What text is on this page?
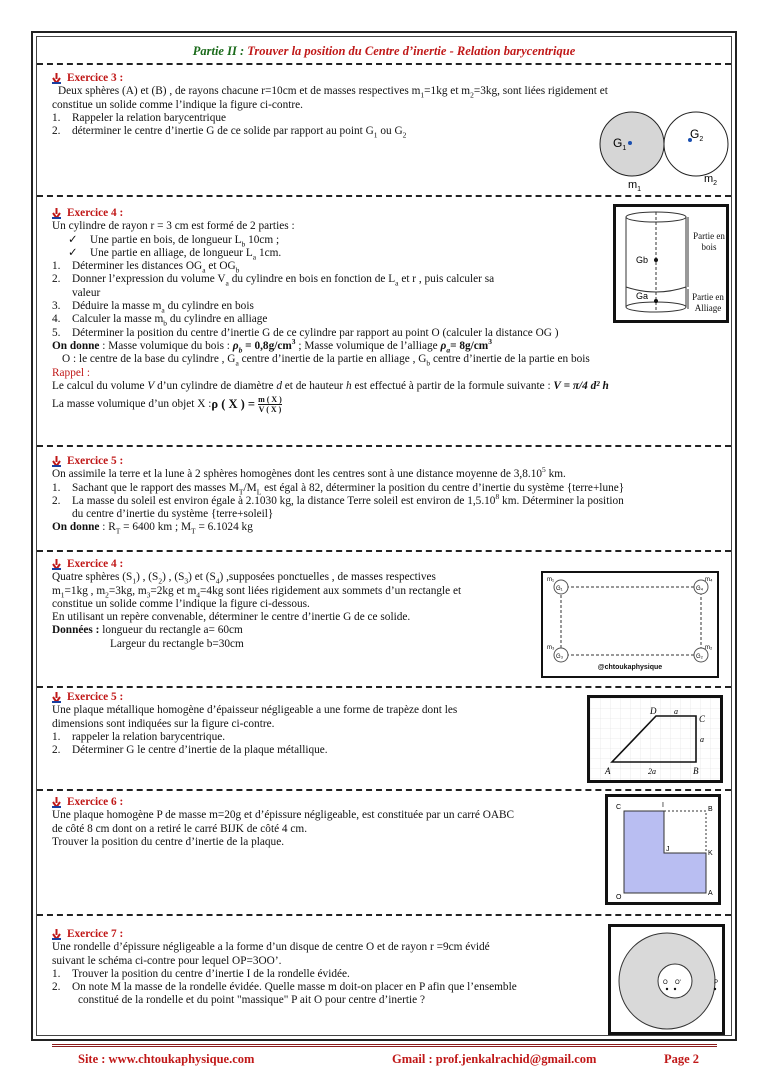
Partie II : Trouver la position du Centre d’inertie - Relation barycentrique
Exercice 3 :

Deux sphères (A) et (B) , de rayons chacune r=10cm et de masses respectives $m_1=1kg$ et $m_2=3kg$, sont liées rigidement et

constitue un solide comme l’indique la figure ci-contre.

1.	Rappeler la relation barycentrique
2.	déterminer le centre d’inertie G de ce solide par rapport au point $G_1$ ou $G_2$
$G_1$
$G_2$
$m_1$
$m_2$
Exercice 4 :

Un cylindre de rayon r = 3 cm est formé de 2 parties :

✓	Une partie en bois, de longueur $L_b$ 10cm ;
✓	Une partie en alliage, de longueur $L_a$ 1cm.
1.	Déterminer les distances $OG_a$ et $OG_b$
2.	Donner l’expression du volume $V_a$ du cylindre en bois en fonction de $L_a$ et r , puis calculer sa
valeur
3.	Déduire la masse $m_a$ du cylindre en bois
4.	Calculer la masse $m_b$ du cylindre en alliage
5.	Déterminer la position du centre d’inertie G de ce cylindre par rapport au point O (calculer la distance OG )

On donne : Masse volumique du bois : $\rho_b = 0,8g/cm^3$ ; Masse volumique de l’alliage $\rho_a= 8g/cm^3$

O : le centre de la base du cylindre , $G_a$ centre d’inertie de la partie en alliage , $G_b$ centre d’inertie de la partie en bois

Rappel :

Le calcul du volume V d’un cylindre de diamètre d et de hauteur h est effectué à partir de la formule suivante : V = π/4 d² h

La masse volumique d’un objet X : ρ ( X ) = $\frac{m ( X )}{V ( X )}$

Gb
Ga
Partie en bois
Partie en Alliage
Exercice 5 :

On assimile la terre et la lune à 2 sphères homogènes dont les centres sont à une distance moyenne de 3,8.10$^5$ km.

1.	Sachant que le rapport des masses $M_T/M_L$ est égal à 82, déterminer la position du centre d’inertie du système {terre+lune}
2.	La masse du soleil est environ égale à 2.1030 kg, la distance Terre soleil est environ de 1,5.10$^8$ km. Déterminer la position
du centre d’inertie du système {terre+soleil}

On donne : $R_T = 6400$ km ; $M_T = 6.1024$ kg

Exercice 4 :

Quatre sphères $(S_1)$ , $(S_2)$ , $(S_3)$ et $(S_4)$ ,supposées ponctuelles , de masses respectives

$m_1=1kg$ , $m_2=3kg$, $m_3=2kg$ et $m_4=4kg$ sont liées rigidement aux sommets d’un rectangle et

constitue un solide comme l’indique la figure ci-dessous.

En utilisant un repère convenable, déterminer le centre d’inertie G de ce solide.

Données : longueur du rectangle a= 60cm

Largeur du rectangle b=30cm

G₁	G₄
G₃	G₂
m₁	m₄
m₃	m₂
@chtoukaphysique
Exercice 5 :

Une plaque métallique homogène d’épaisseur négligeable a une forme de trapèze dont les

dimensions sont indiquées sur la figure ci-contre.

1.	rappeler la relation barycentrique.
2.	Déterminer G le centre d’inertie de la plaque métallique.
A	B
C
D a
a
2a
Exercice 6 :

Une plaque homogène P de masse m=20g et d’épissure négligeable, est constituée par un carré OABC

de côté 8 cm dont on a retiré le carré BIJK de côté 4 cm.

Trouver la position du centre d’inertie de la plaque.

C	I
B
J
K
O
A
Exercice 7 :

Une rondelle d’épissure négligeable a la forme d’un disque de centre O et de rayon r =9cm évidé

suivant le schéma ci-contre pour lequel OP=3OO’.

1.	Trouver la position du centre d’inertie I de la rondelle évidée.
2.	On note M la masse de la rondelle évidée. Quelle masse m doit-on placer en P afin que l’ensemble
constitué de la rondelle et du point "massique" P ait O pour centre d’inertie ?
O O'	P
Site : www.chtoukaphysique.com	Gmail : prof.jenkalrachid@gmail.com	Page 2
